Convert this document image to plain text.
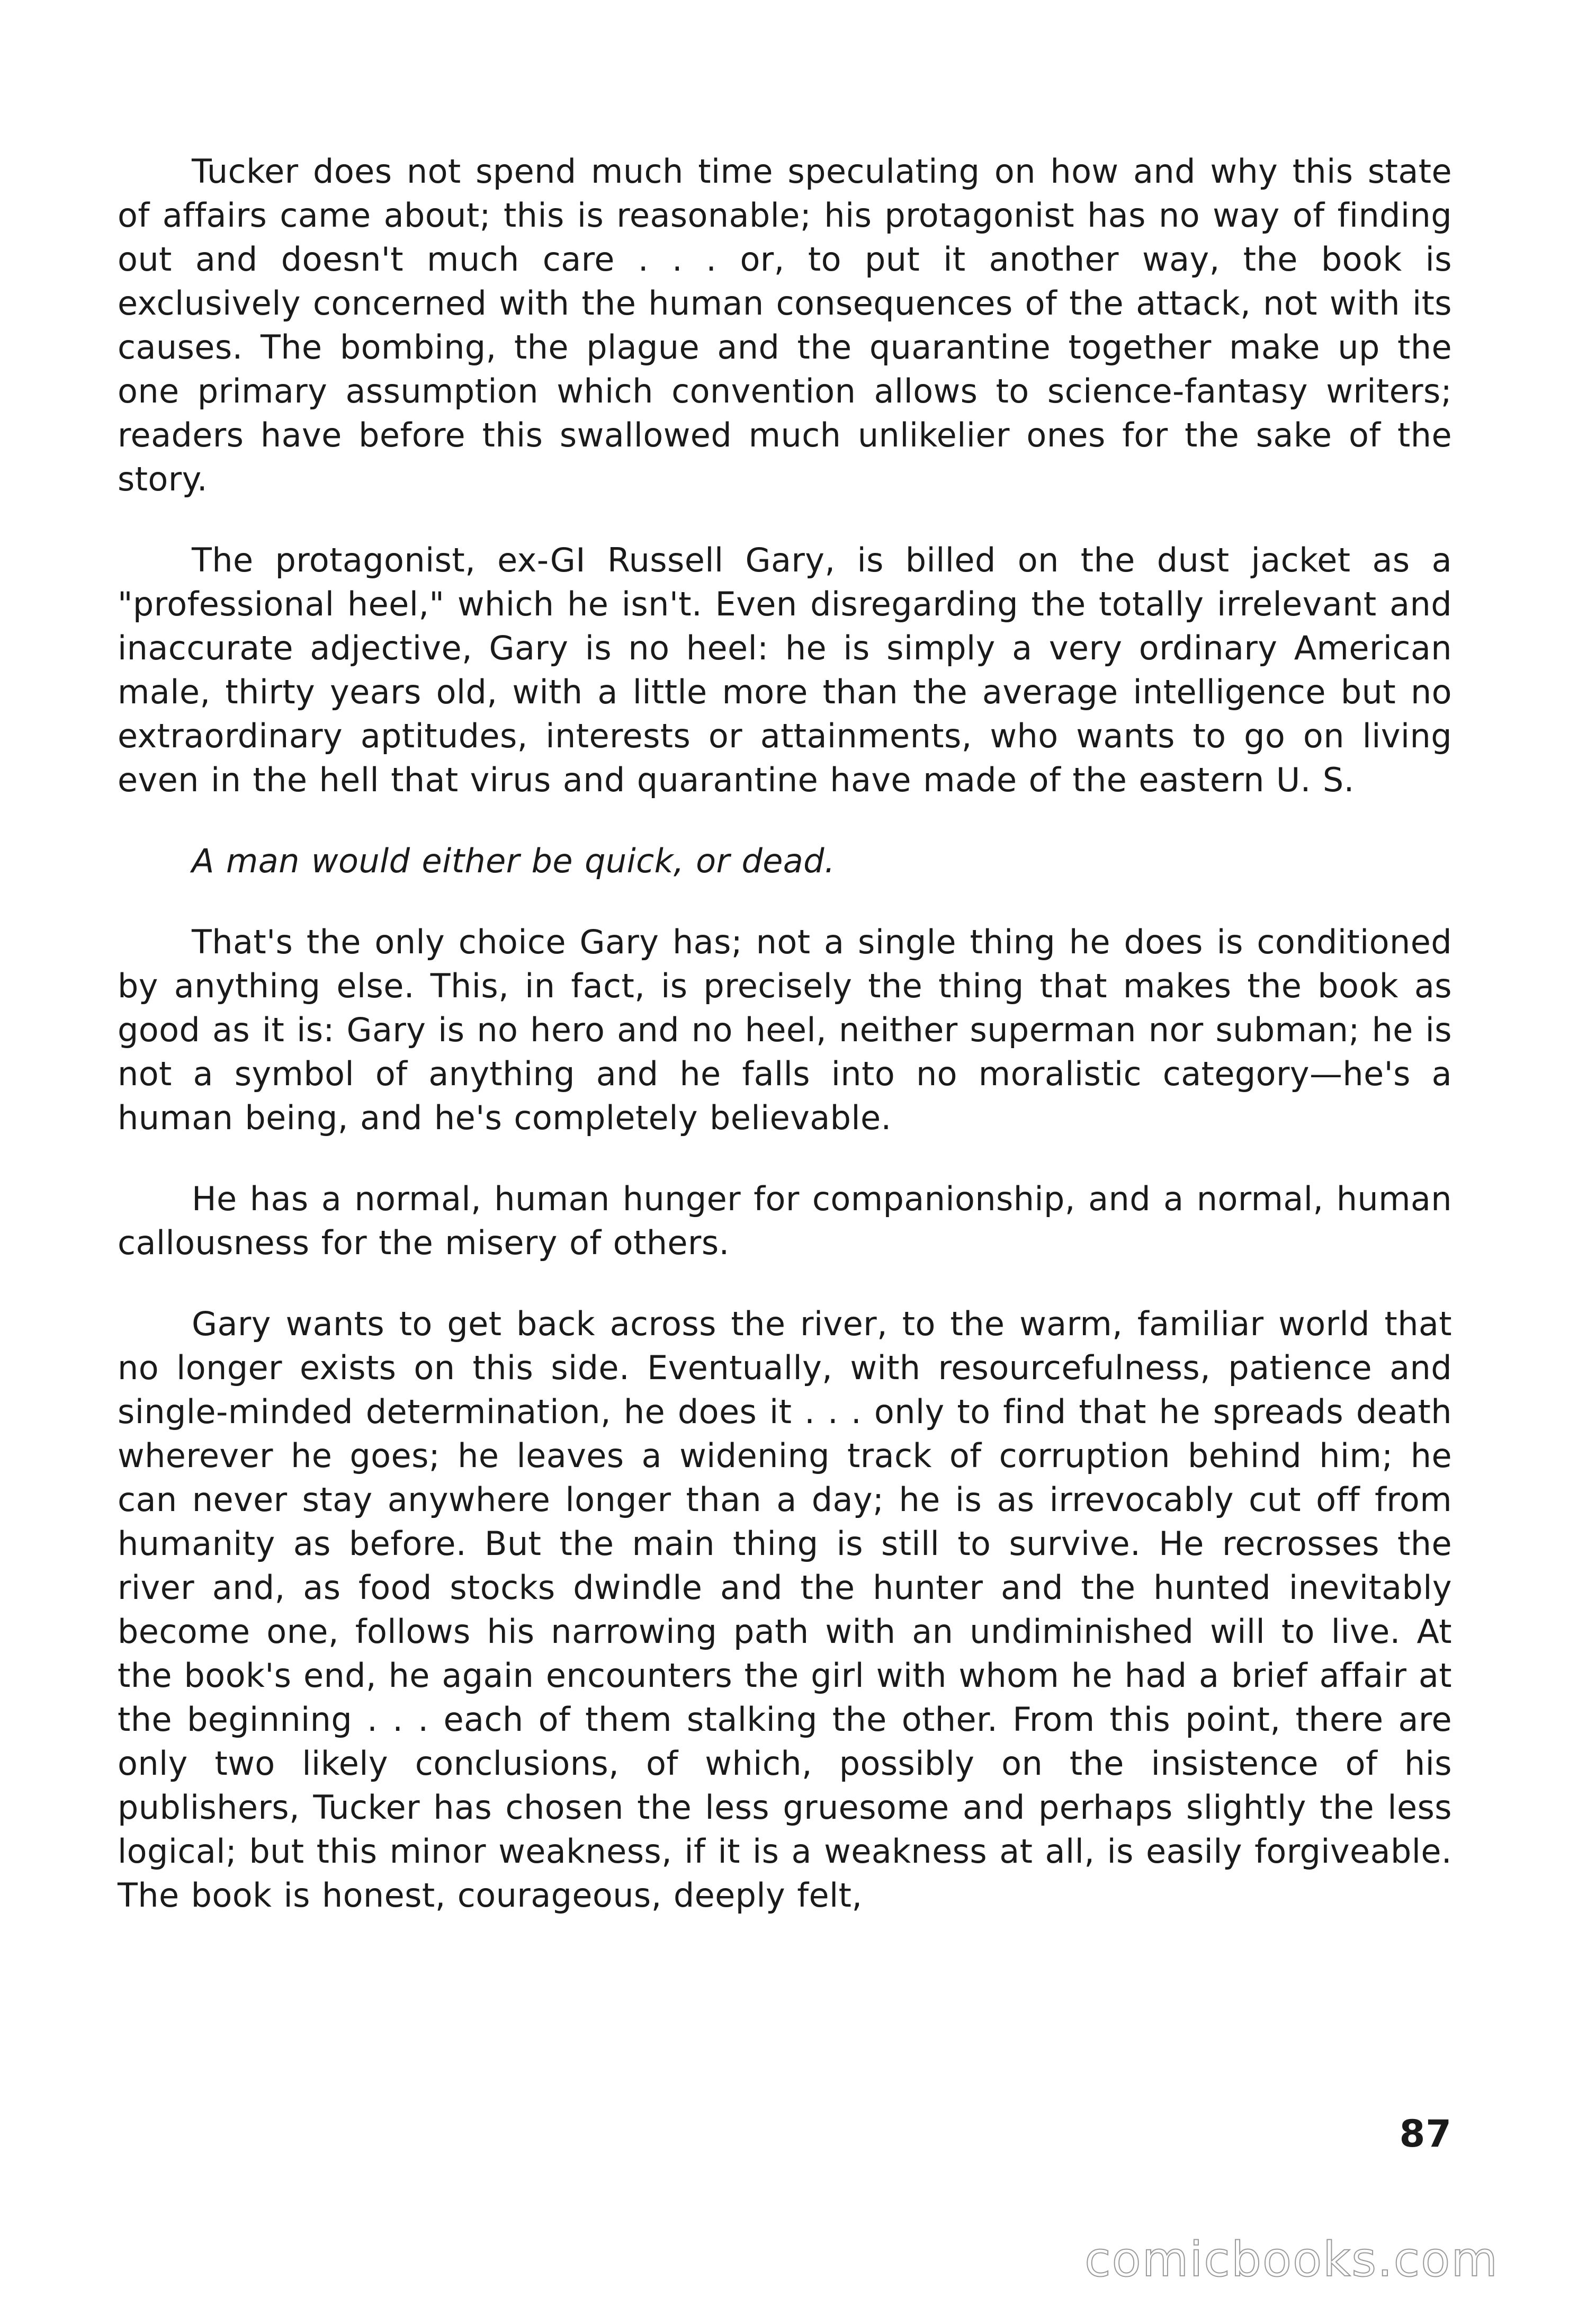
Tucker does not spend much time speculating on how and why this state of affairs came about; this is reasonable; his protagonist has no way of finding out and doesn't much care . . . or, to put it another way, the book is exclusively concerned with the human consequences of the attack, not with its causes. The bombing, the plague and the quarantine together make up the one primary assumption which convention allows to science-fantasy writers; readers have before this swallowed much unlikelier ones for the sake of the story.

The protagonist, ex-GI Russell Gary, is billed on the dust jacket as a "professional heel," which he isn't. Even disregarding the totally irrelevant and inaccurate adjective, Gary is no heel: he is simply a very ordinary American male, thirty years old, with a little more than the average intelligence but no extraordinary aptitudes, interests or attainments, who wants to go on living even in the hell that virus and quarantine have made of the eastern U. S.

A man would either be quick, or dead.

That's the only choice Gary has; not a single thing he does is conditioned by anything else. This, in fact, is precisely the thing that makes the book as good as it is: Gary is no hero and no heel, neither superman nor subman; he is not a symbol of anything and he falls into no moralistic category—he's a human being, and he's completely believable.

He has a normal, human hunger for companionship, and a normal, human callousness for the misery of others.

Gary wants to get back across the river, to the warm, familiar world that no longer exists on this side. Eventually, with resourcefulness, patience and single-minded determination, he does it . . . only to find that he spreads death wherever he goes; he leaves a widening track of corruption behind him; he can never stay anywhere longer than a day; he is as irrevocably cut off from humanity as before. But the main thing is still to survive. He recrosses the river and, as food stocks dwindle and the hunter and the hunted inevitably become one, follows his narrowing path with an undiminished will to live. At the book's end, he again encounters the girl with whom he had a brief affair at the beginning . . . each of them stalking the other. From this point, there are only two likely conclusions, of which, possibly on the insistence of his publishers, Tucker has chosen the less gruesome and perhaps slightly the less logical; but this minor weakness, if it is a weakness at all, is easily forgiveable. The book is honest, courageous, deeply felt,

87
comicbooks.com
